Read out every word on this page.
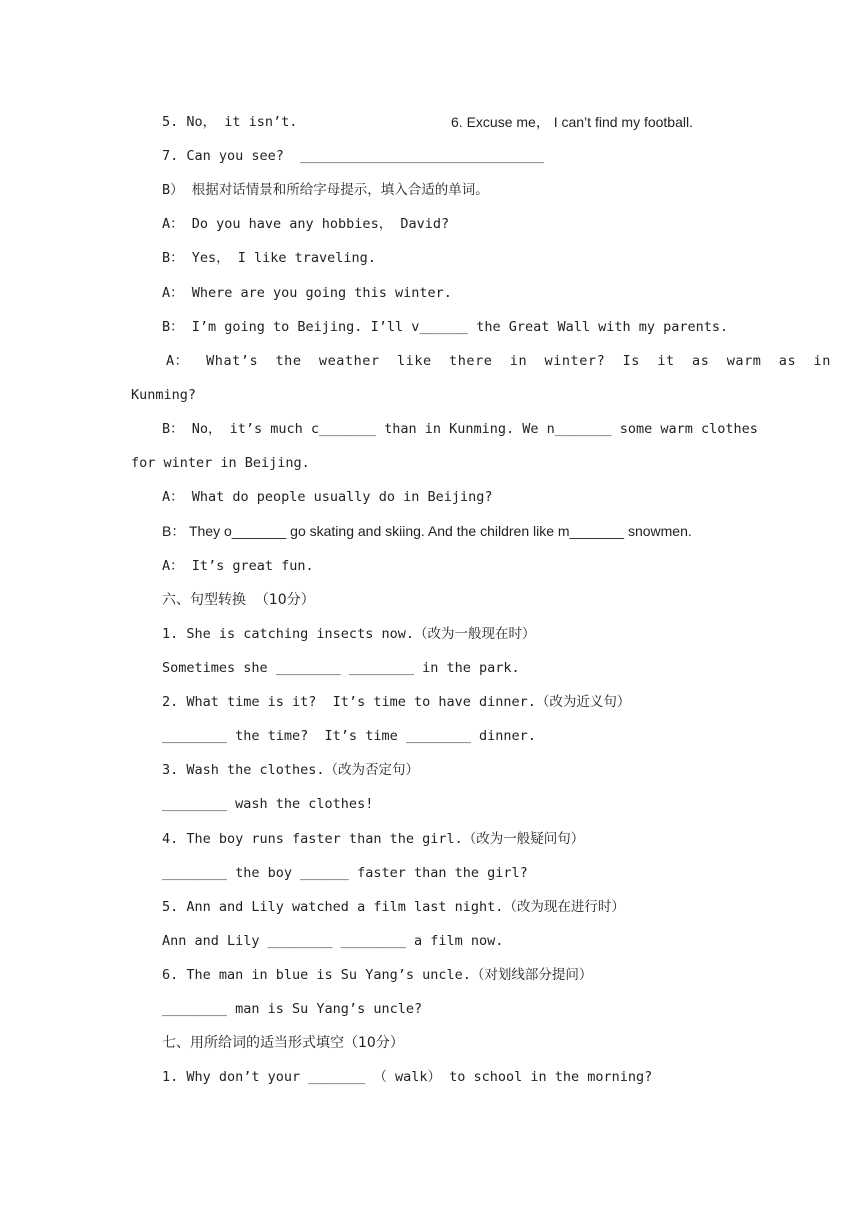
5. No， it isn’t.	6. Excuse me， I can’t find my football.
7. Can you see?  ______________________________
B） 根据对话情景和所给字母提示，填入合适的单词。
A： Do you have any hobbies， David?
B： Yes， I like traveling.
A： Where are you going this winter.
B： I’m going to Beijing. I’ll v______ the Great Wall with my parents.
A：  What’s  the  weather  like  there  in  winter?  Is  it  as  warm  as  in
Kunming?
B： No， it’s much c_______ than in Kunming. We n_______ some warm clothes
for winter in Beijing.
A： What do people usually do in Beijing?
B： They o_______ go skating and skiing. And the children like m_______ snowmen.
A： It’s great fun.
六、句型转换  （10分）
1. She is catching insects now.（改为一般现在时）
Sometimes she ________ ________ in the park.
2. What time is it?  It’s time to have dinner.（改为近义句）
________ the time?  It’s time ________ dinner.
3. Wash the clothes.（改为否定句）
________ wash the clothes!
4. The boy runs faster than the girl.（改为一般疑问句）
________ the boy ______ faster than the girl?
5. Ann and Lily watched a film last night.（改为现在进行时）
Ann and Lily ________ ________ a film now.
6. The man in blue is Su Yang’s uncle.（对划线部分提问）
________ man is Su Yang’s uncle?
七、用所给词的适当形式填空（10分）
1. Why don’t your _______ （ walk） to school in the morning?
